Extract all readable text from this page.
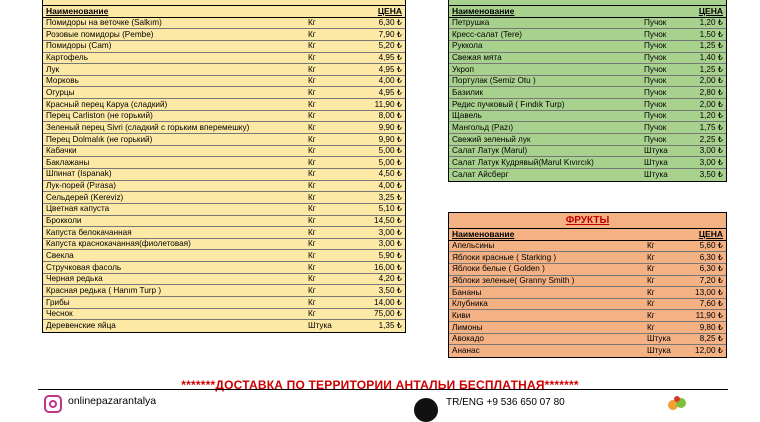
Наименование	ЦЕНА
Помидоры на веточке (Salkım)	Кг	6,30 ₺
Розовые помидоры (Pembe)	Кг	7,90 ₺
Помидоры (Cam)	Кг	5,20 ₺
Картофель	Кг	4,95 ₺
Лук	Кг	4,95 ₺
Морковь	Кг	4,00 ₺
Огурцы	Кг	4,95 ₺
Красный перец Каруа (сладкий)	Кг	11,90 ₺
Перец Carliston (не горький)	Кг	8,00 ₺
Зеленый перец Sivri (сладкий с горьким вперемешку)	Кг	9,90 ₺
Перец Dolmalık (не горький)	Кг	9,90 ₺
Кабачки	Кг	5,00 ₺
Баклажаны	Кг	5,00 ₺
Шпинат (Ispanak)	Кг	4,50 ₺
Лук-порей (Pırasa)	Кг	4,00 ₺
Сельдерей (Kereviz)	Кг	3,25 ₺
Цветная капуста	Кг	5,10 ₺
Брокколи	Кг	14,50 ₺
Капуста белокачанная	Кг	3,00 ₺
Капуста краснокачанная(фиолетовая)	Кг	3,00 ₺
Свекла	Кг	5,90 ₺
Стручковая фасоль	Кг	16,00 ₺
Черная редька	Кг	4,20 ₺
Красная редька ( Hanım Turp )	Кг	3,50 ₺
Грибы	Кг	14,00 ₺
Чеснок	Кг	75,00 ₺
Деревенские яйца	Штука	1,35 ₺
Наименование	ЦЕНА
Петрушка	Пучок	1,20 ₺
Кресс-салат (Tere)	Пучок	1,50 ₺
Руккола	Пучок	1,25 ₺
Свежая мята	Пучок	1,40 ₺
Укроп	Пучок	1,25 ₺
Портулак (Semiz Otu )	Пучок	2,00 ₺
Базилик	Пучок	2,80 ₺
Редис пучковый ( Fındık Turp)	Пучок	2,00 ₺
Щавель	Пучок	1,20 ₺
Мангольд (Pazı)	Пучок	1,75 ₺
Свежий зеленый лук	Пучок	2,25 ₺
Салат Латук (Marul)	Штука	3,00 ₺
Салат Латук Кудрявый(Marul Kıvırcık)	Штука	3,00 ₺
Салат Айсберг	Штука	3,50 ₺
ФРУКТЫ
Наименование	ЦЕНА
Апельсины	Кг	5,60 ₺
Яблоки красные ( Starking )	Кг	6,30 ₺
Яблоки белые ( Golden )	Кг	6,30 ₺
Яблоки зеленые( Granny Smith )	Кг	7,20 ₺
Бананы	Кг	13,00 ₺
Клубника	Кг	7,60 ₺
Киви	Кг	11,90 ₺
Лимоны	Кг	9,80 ₺
Авокадо	Штука	8,25 ₺
Ананас	Штука	12,00 ₺
*******ДОСТАВКА ПО ТЕРРИТОРИИ АНТАЛЬИ БЕСПЛАТНАЯ*******
onlinepazarantalya	TR/ENG +9 536 650 07 80
